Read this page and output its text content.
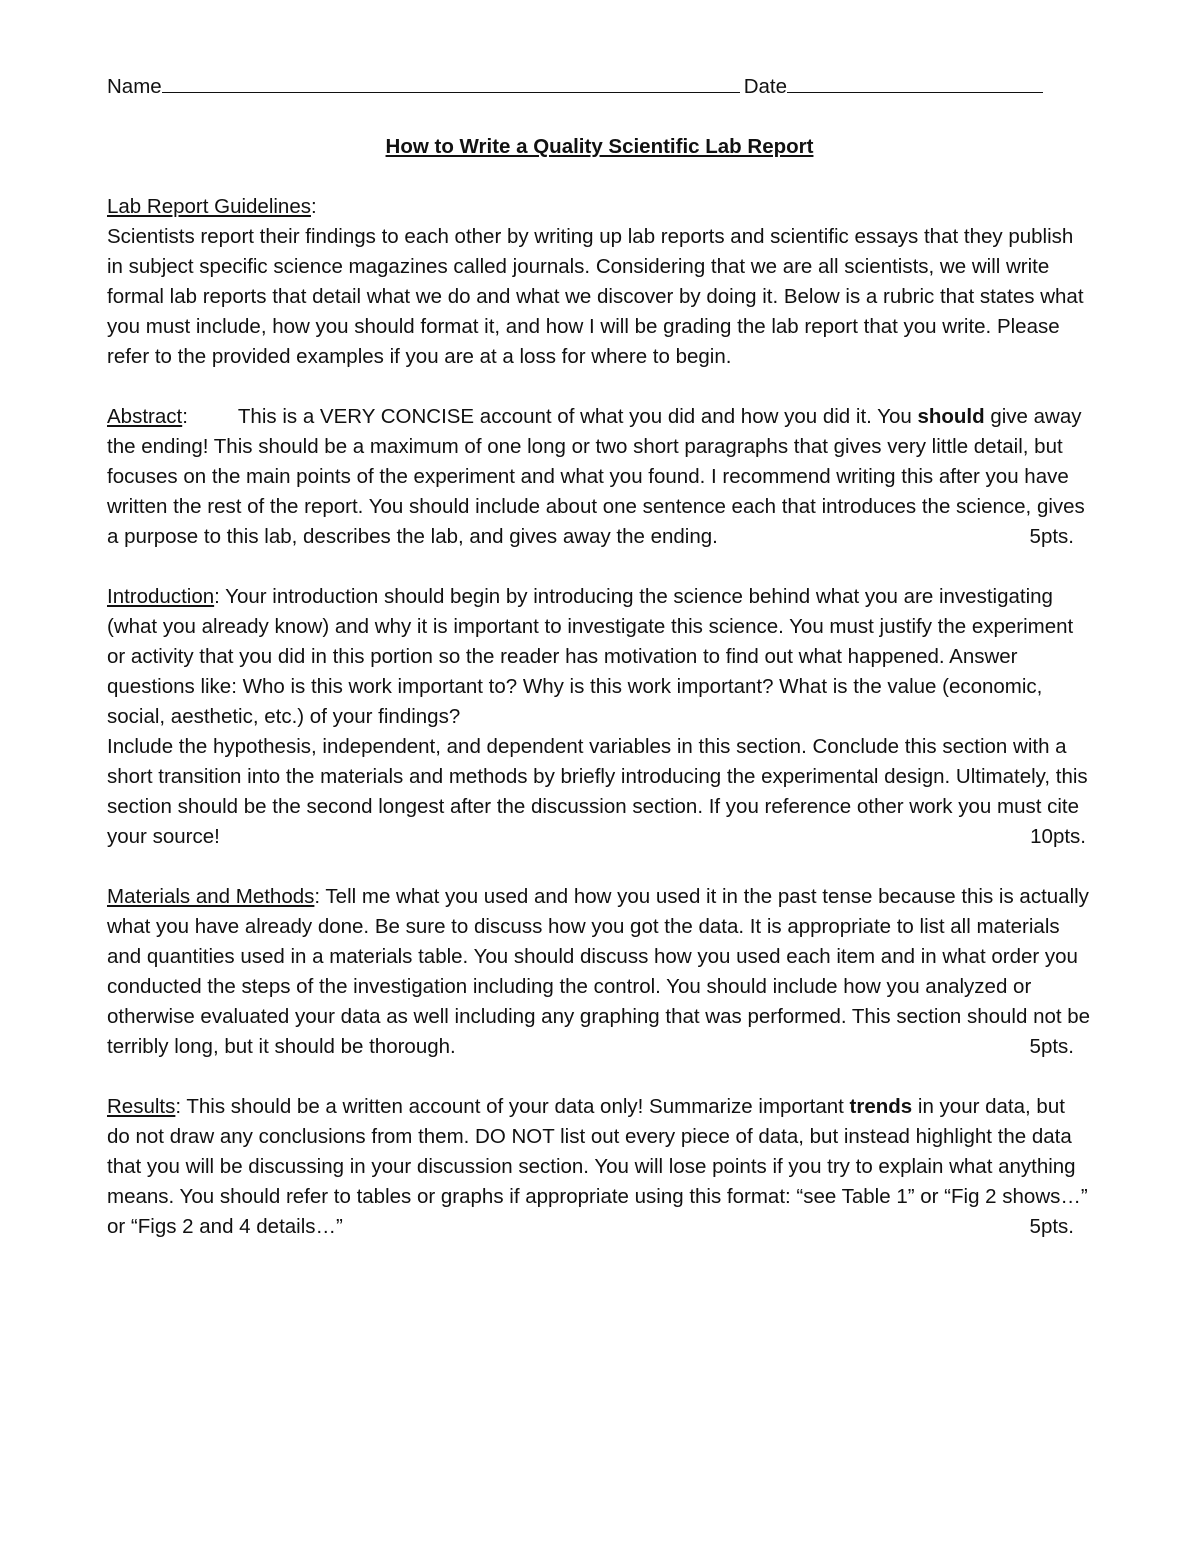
Name	Date
How to Write a Quality Scientific Lab Report
Lab Report Guidelines:

Scientists report their findings to each other by writing up lab reports and scientific essays that they publish in subject specific science magazines called journals. Considering that we are all scientists, we will write formal lab reports that detail what we do and what we discover by doing it. Below is a rubric that states what you must include, how you should format it, and how I will be grading the lab report that you write. Please refer to the provided examples if you are at a loss for where to begin.

Abstract: This is a VERY CONCISE account of what you did and how you did it. You should give away the ending! This should be a maximum of one long or two short paragraphs that gives very little detail, but focuses on the main points of the experiment and what you found. I recommend writing this after you have written the rest of the report. You should include about one sentence each that introduces the science, gives a purpose to this lab, describes the lab, and gives away the ending.	5pts.

Introduction: Your introduction should begin by introducing the science behind what you are investigating (what you already know) and why it is important to investigate this science. You must justify the experiment or activity that you did in this portion so the reader has motivation to find out what happened. Answer questions like: Who is this work important to? Why is this work important? What is the value (economic, social, aesthetic, etc.) of your findings?

Include the hypothesis, independent, and dependent variables in this section. Conclude this section with a short transition into the materials and methods by briefly introducing the experimental design. Ultimately, this section should be the second longest after the discussion section. If you reference other work you must cite your source!	10pts.

Materials and Methods: Tell me what you used and how you used it in the past tense because this is actually what you have already done. Be sure to discuss how you got the data. It is appropriate to list all materials and quantities used in a materials table. You should discuss how you used each item and in what order you conducted the steps of the investigation including the control. You should include how you analyzed or otherwise evaluated your data as well including any graphing that was performed. This section should not be terribly long, but it should be thorough.	5pts.

Results: This should be a written account of your data only! Summarize important trends in your data, but do not draw any conclusions from them. DO NOT list out every piece of data, but instead highlight the data that you will be discussing in your discussion section. You will lose points if you try to explain what anything means. You should refer to tables or graphs if appropriate using this format: “see Table 1” or “Fig 2 shows…” or “Figs 2 and 4 details…”	5pts.
